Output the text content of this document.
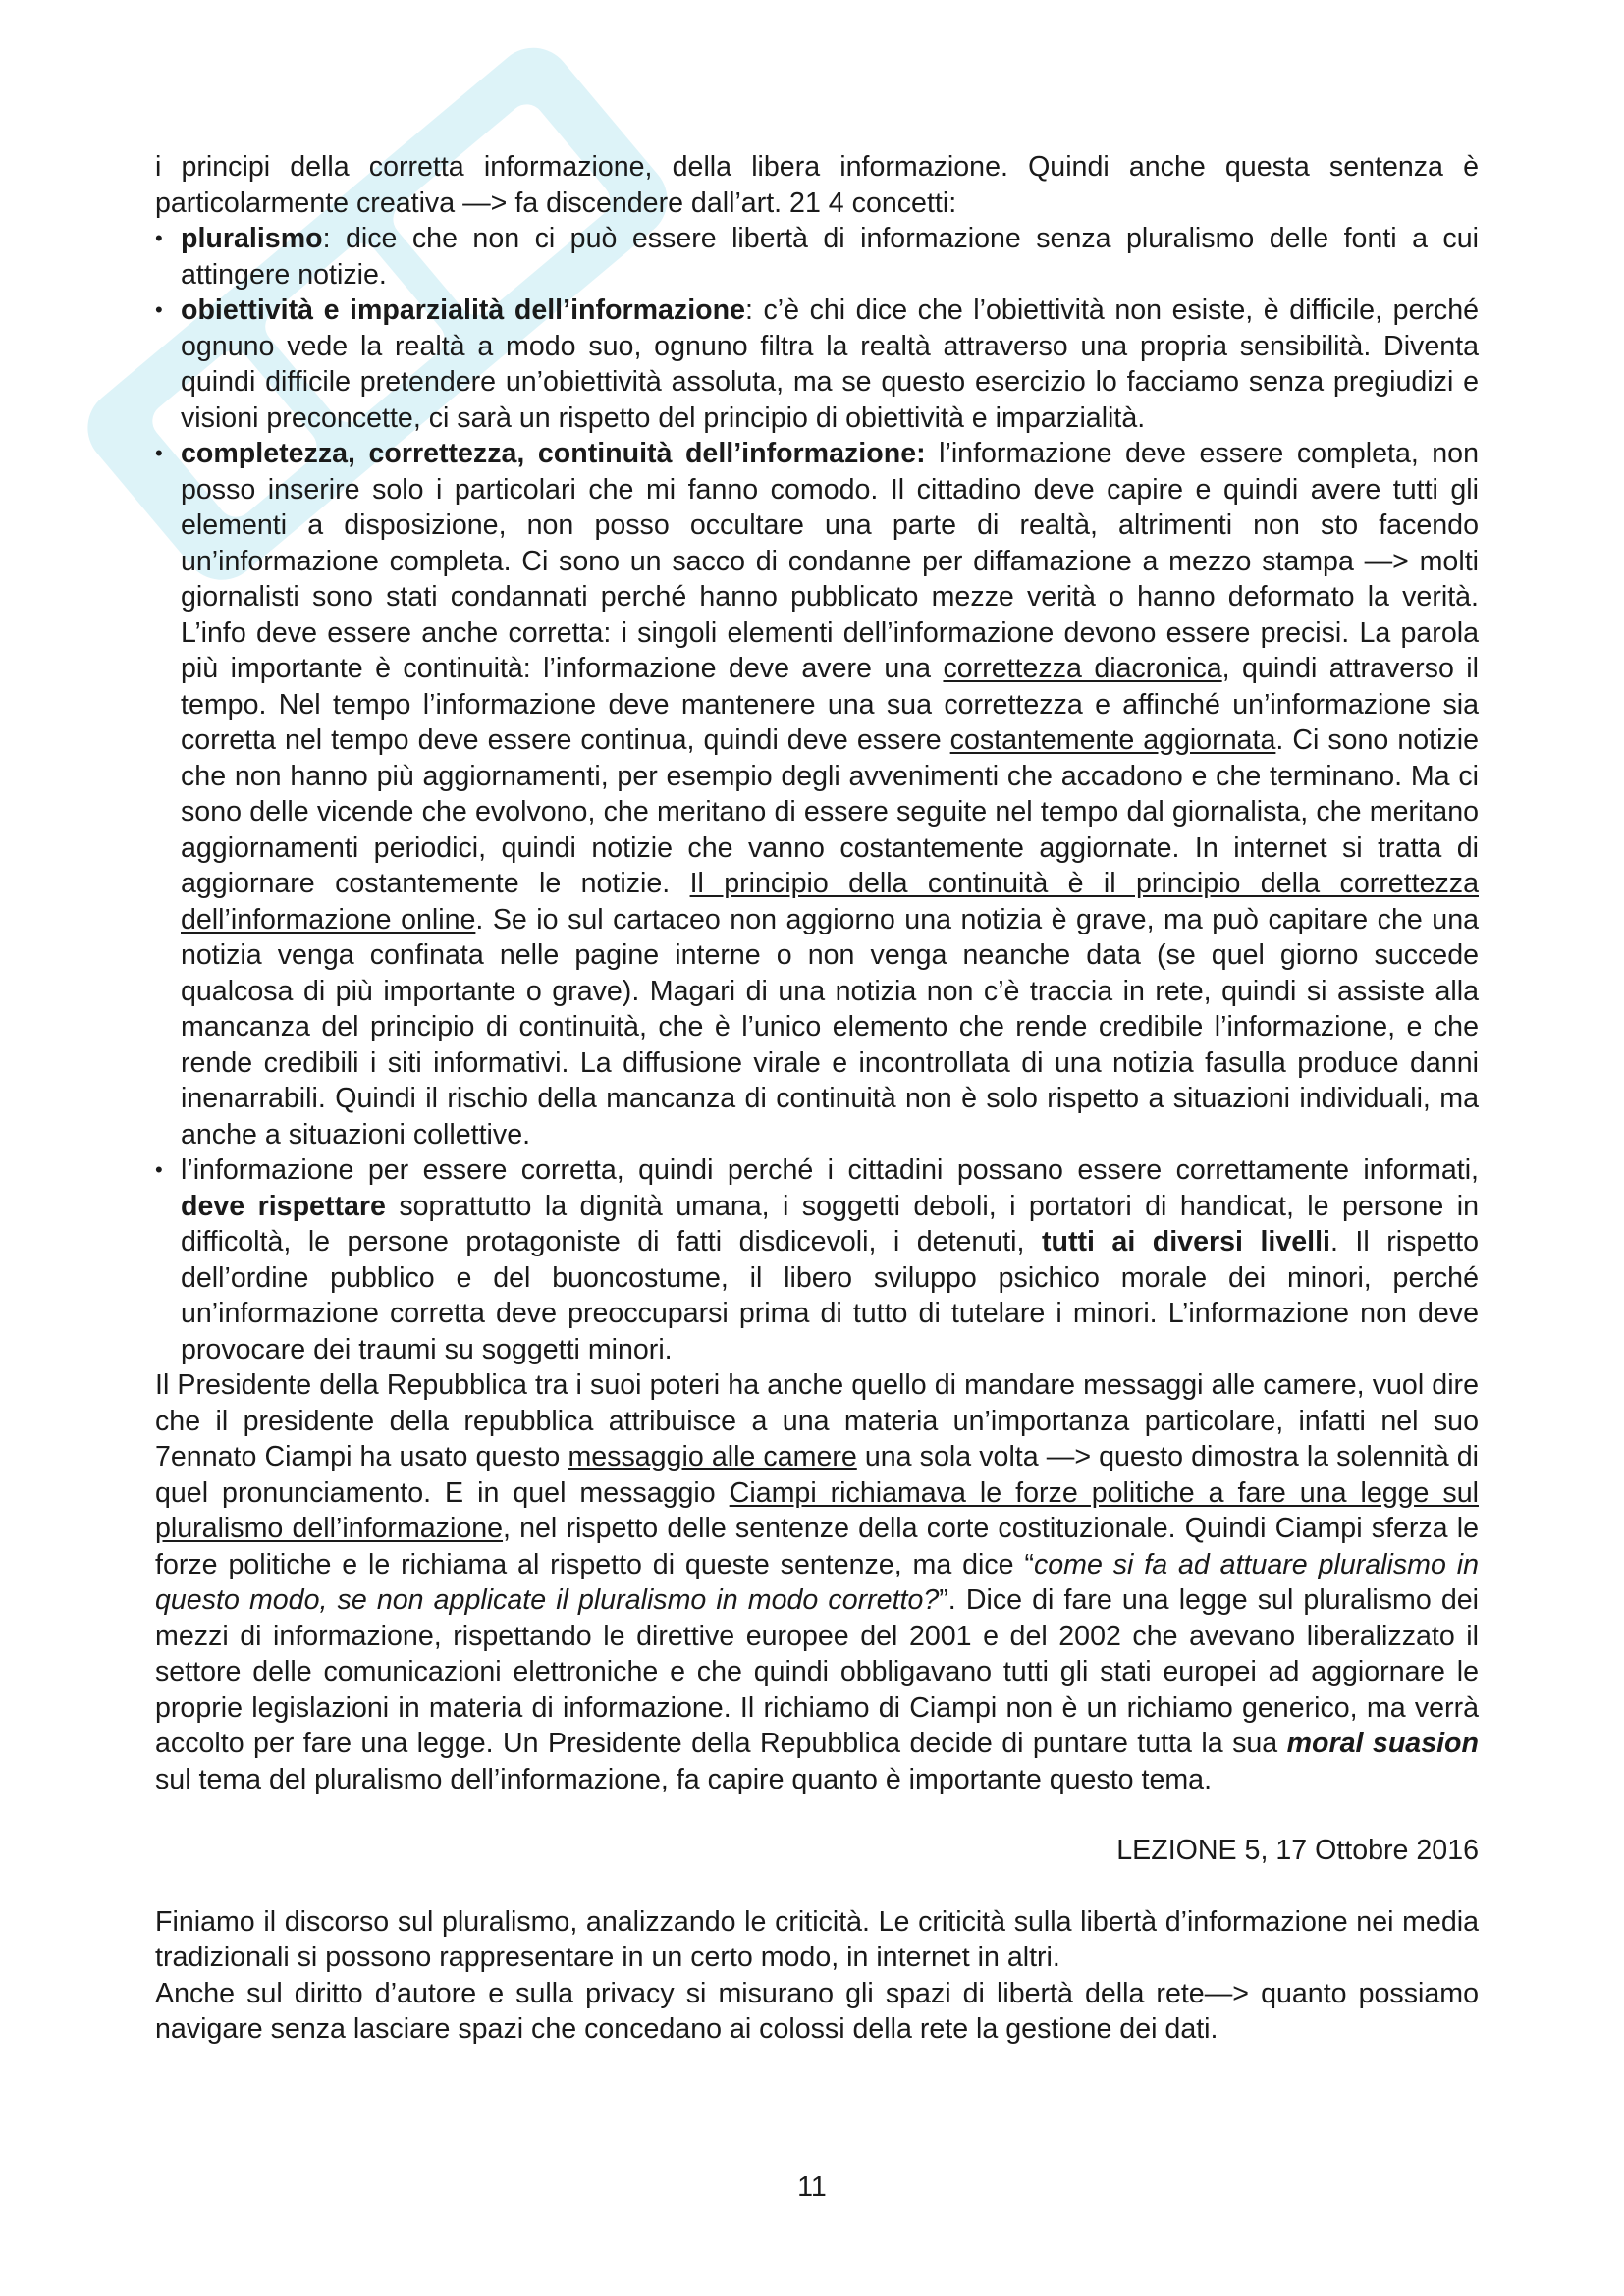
i principi della corretta informazione, della libera informazione. Quindi anche questa sentenza è particolarmente creativa —> fa discendere dall’art. 21 4 concetti:

• pluralismo: dice che non ci può essere libertà di informazione senza pluralismo delle fonti a cui attingere notizie.
• obiettività e imparzialità dell’informazione: c’è chi dice che l’obiettività non esiste, è difficile, perché ognuno vede la realtà a modo suo, ognuno filtra la realtà attraverso una propria sensibilità. Diventa quindi difficile pretendere un’obiettività assoluta, ma se questo esercizio lo facciamo senza pregiudizi e visioni preconcette, ci sarà un rispetto del principio di obiettività e imparzialità.
• completezza, correttezza, continuità dell’informazione: l’informazione deve essere completa, non posso inserire solo i particolari che mi fanno comodo. Il cittadino deve capire e quindi avere tutti gli elementi a disposizione, non posso occultare una parte di realtà, altrimenti non sto facendo un’informazione completa. Ci sono un sacco di condanne per diffamazione a mezzo stampa —> molti giornalisti sono stati condannati perché hanno pubblicato mezze verità o hanno deformato la verità. L’info deve essere anche corretta: i singoli elementi dell’informazione devono essere precisi. La parola più importante è continuità: l’informazione deve avere una correttezza diacronica, quindi attraverso il tempo. Nel tempo l’informazione deve mantenere una sua correttezza e affinché un’informazione sia corretta nel tempo deve essere continua, quindi deve essere costantemente aggiornata. Ci sono notizie che non hanno più aggiornamenti, per esempio degli avvenimenti che accadono e che terminano. Ma ci sono delle vicende che evolvono, che meritano di essere seguite nel tempo dal giornalista, che meritano aggiornamenti periodici, quindi notizie che vanno costantemente aggiornate. In internet si tratta di aggiornare costantemente le notizie. Il principio della continuità è il principio della correttezza dell’informazione online. Se io sul cartaceo non aggiorno una notizia è grave, ma può capitare che una notizia venga confinata nelle pagine interne o non venga neanche data (se quel giorno succede qualcosa di più importante o grave). Magari di una notizia non c’è traccia in rete, quindi si assiste alla mancanza del principio di continuità, che è l’unico elemento che rende credibile l’informazione, e che rende credibili i siti informativi. La diffusione virale e incontrollata di una notizia fasulla produce danni inenarrabili. Quindi il rischio della mancanza di continuità non è solo rispetto a situazioni individuali, ma anche a situazioni collettive.
• l’informazione per essere corretta, quindi perché i cittadini possano essere correttamente informati, deve rispettare soprattutto la dignità umana, i soggetti deboli, i portatori di handicat, le persone in difficoltà, le persone protagoniste di fatti disdicevoli, i detenuti, tutti ai diversi livelli. Il rispetto dell’ordine pubblico e del buoncostume, il libero sviluppo psichico morale dei minori, perché un’informazione corretta deve preoccuparsi prima di tutto di tutelare i minori. L’informazione non deve provocare dei traumi su soggetti minori.

Il Presidente della Repubblica tra i suoi poteri ha anche quello di mandare messaggi alle camere, vuol dire che il presidente della repubblica attribuisce a una materia un’importanza particolare, infatti nel suo 7ennato Ciampi ha usato questo messaggio alle camere una sola volta —> questo dimostra la solennità di quel pronunciamento. E in quel messaggio Ciampi richiamava le forze politiche a fare una legge sul pluralismo dell’informazione, nel rispetto delle sentenze della corte costituzionale. Quindi Ciampi sferza le forze politiche e le richiama al rispetto di queste sentenze, ma dice “come si fa ad attuare pluralismo in questo modo, se non applicate il pluralismo in modo corretto?”. Dice di fare una legge sul pluralismo dei mezzi di informazione, rispettando le direttive europee del 2001 e del 2002 che avevano liberalizzato il settore delle comunicazioni elettroniche e che quindi obbligavano tutti gli stati europei ad aggiornare le proprie legislazioni in materia di informazione. Il richiamo di Ciampi non è un richiamo generico, ma verrà accolto per fare una legge. Un Presidente della Repubblica decide di puntare tutta la sua moral suasion sul tema del pluralismo dell’informazione, fa capire quanto è importante questo tema.

LEZIONE 5, 17 Ottobre 2016

Finiamo il discorso sul pluralismo, analizzando le criticità. Le criticità sulla libertà d’informazione nei media tradizionali si possono rappresentare in un certo modo, in internet in altri.

Anche sul diritto d’autore e sulla privacy si misurano gli spazi di libertà della rete—> quanto possiamo navigare senza lasciare spazi che concedano ai colossi della rete la gestione dei dati.

11
